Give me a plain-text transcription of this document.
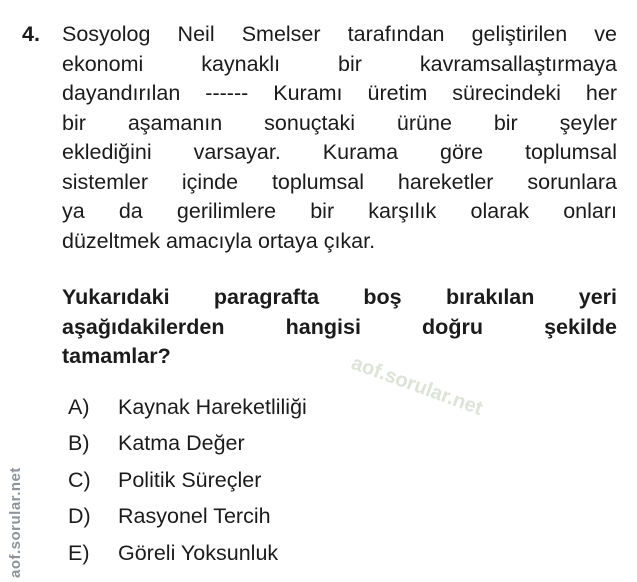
4.	Sosyolog Neil Smelser tarafından geliştirilen ve
ekonomi kaynaklı bir kavramsallaştırmaya
dayandırılan ------ Kuramı üretim sürecindeki her
bir aşamanın sonuçtaki ürüne bir şeyler
eklediğini varsayar. Kurama göre toplumsal
sistemler içinde toplumsal hareketler sorunlara
ya da gerilimlere bir karşılık olarak onları
düzeltmek amacıyla ortaya çıkar.
Yukarıdaki paragrafta boş bırakılan yeri
aşağıdakilerden hangisi doğru şekilde
tamamlar?
A)	Kaynak Hareketliliği
B)	Katma Değer
C)	Politik Süreçler
D)	Rasyonel Tercih
E)	Göreli Yoksunluk
aof.sorular.net
aof.sorular.net
